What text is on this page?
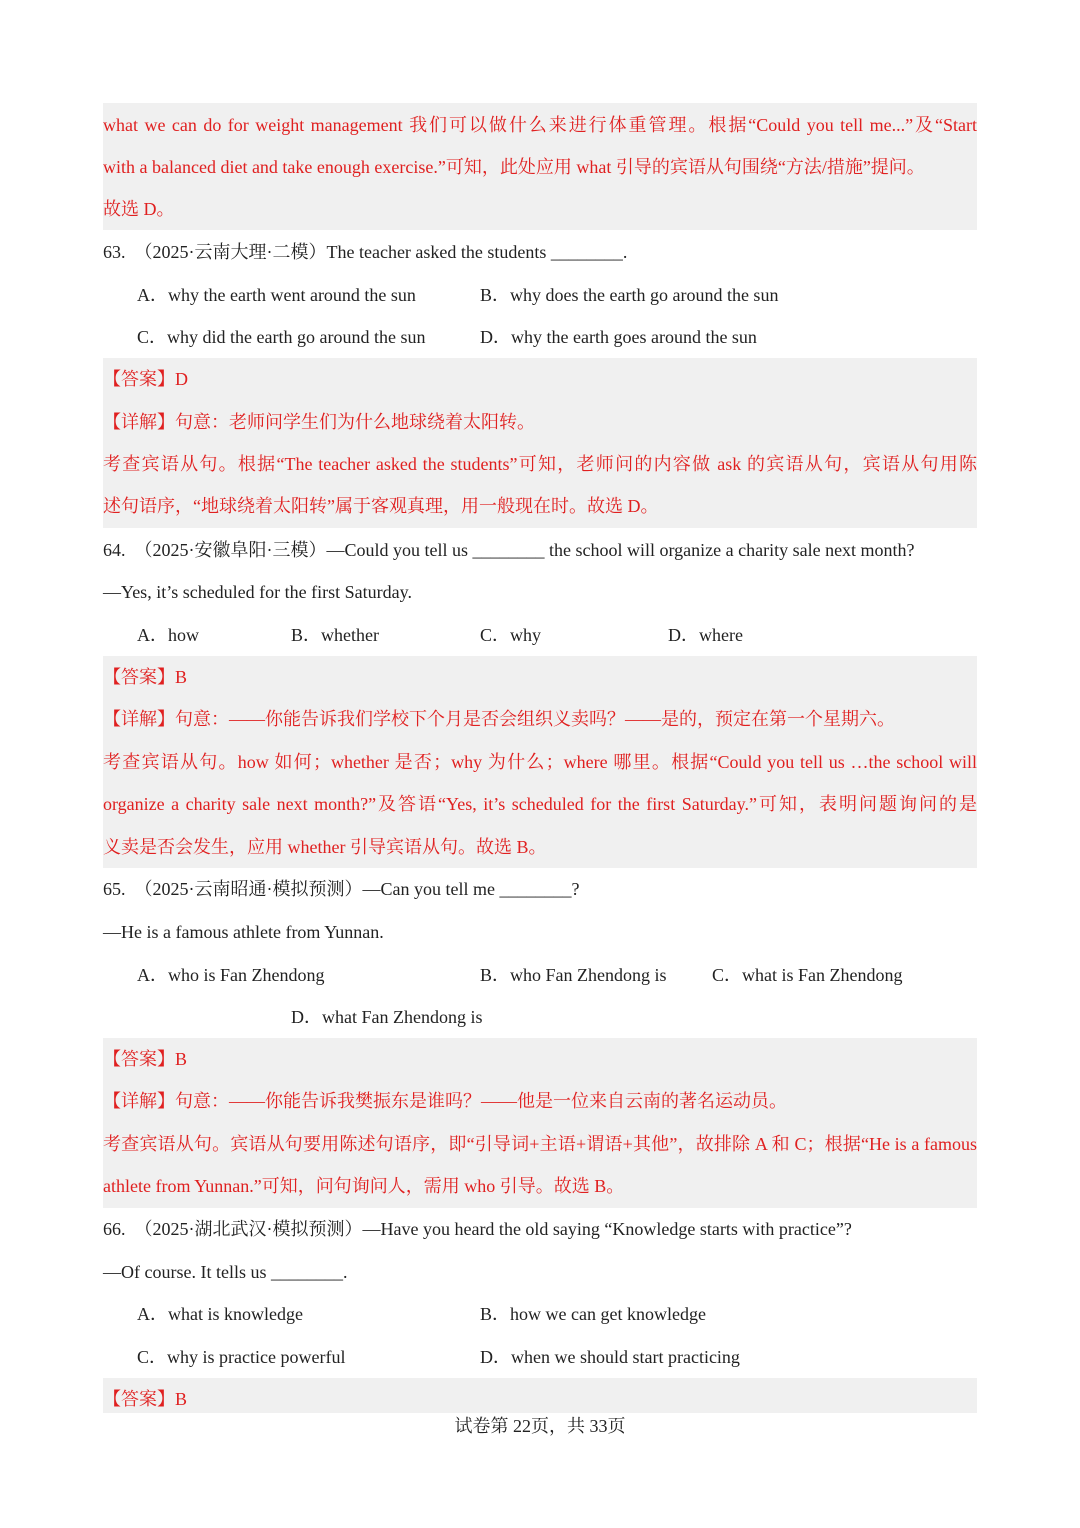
what we can do for weight management 我们可以做什么来进行体重管理。根据“Could you tell me...”及“Start
with a balanced diet and take enough exercise.”可知，此处应用 what 引导的宾语从句围绕“方法/措施”提问。
故选 D。
63.　（2025·云南大理·二模）The teacher asked the students ________.
A．why the earth went around the sun	B．why does the earth go around the sun
C．why did the earth go around the sun	D．why the earth goes around the sun
【答案】D
【详解】句意：老师问学生们为什么地球绕着太阳转。
考查宾语从句。根据“The teacher asked the students”可知，老师问的内容做 ask 的宾语从句，宾语从句用陈
述句语序，“地球绕着太阳转”属于客观真理，用一般现在时。故选 D。
64.　（2025·安徽阜阳·三模）—Could you tell us ________ the school will organize a charity sale next month?
—Yes, it’s scheduled for the first Saturday.
A．how	B．whether	C．why	D．where
【答案】B
【详解】句意：——你能告诉我们学校下个月是否会组织义卖吗？——是的，预定在第一个星期六。
考查宾语从句。how 如何；whether 是否；why 为什么；where 哪里。根据“Could you tell us …the school will
organize a charity sale next month?”及答语“Yes, it’s scheduled for the first Saturday.”可知，表明问题询问的是
义卖是否会发生，应用 whether 引导宾语从句。故选 B。
65.　（2025·云南昭通·模拟预测）—Can you tell me ________?
—He is a famous athlete from Yunnan.
A．who is Fan Zhendong	B．who Fan Zhendong is	C．what is Fan Zhendong
D．what Fan Zhendong is
【答案】B
【详解】句意：——你能告诉我樊振东是谁吗？——他是一位来自云南的著名运动员。
考查宾语从句。宾语从句要用陈述句语序，即“引导词+主语+谓语+其他”，故排除 A 和 C；根据“He is a famous
athlete from Yunnan.”可知，问句询问人，需用 who 引导。故选 B。
66.　（2025·湖北武汉·模拟预测）—Have you heard the old saying “Knowledge starts with practice”?
—Of course. It tells us ________.
A．what is knowledge	B．how we can get knowledge
C．why is practice powerful	D．when we should start practicing
【答案】B
试卷第 22页，共 33页
